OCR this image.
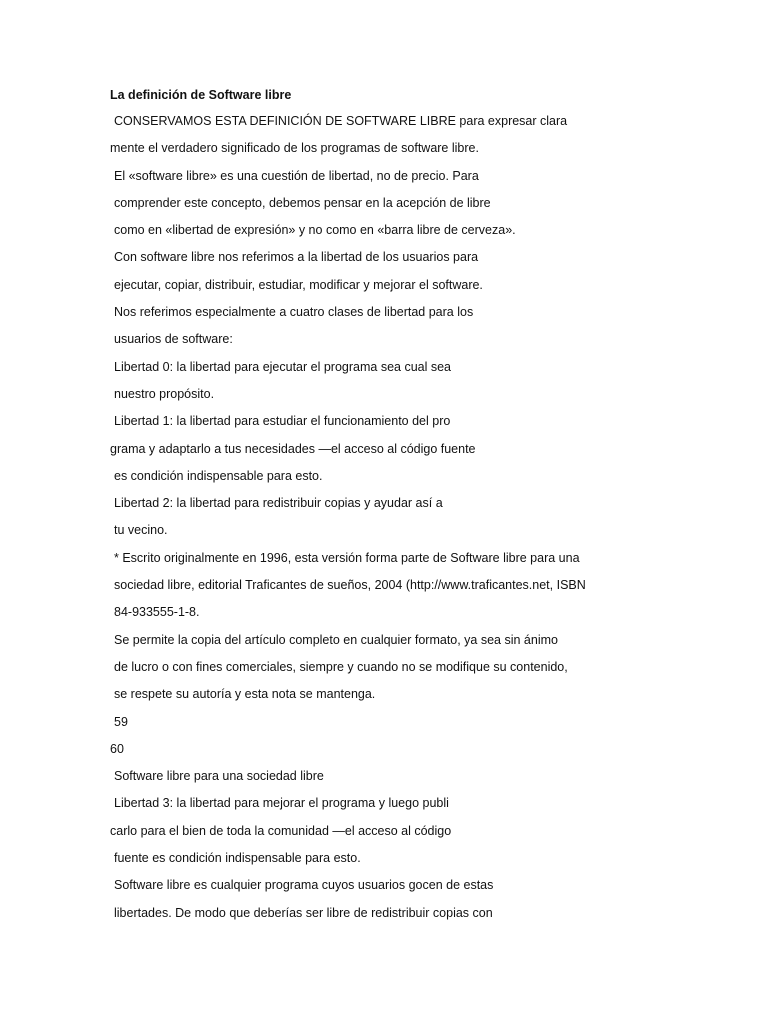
La definición de Software libre
CONSERVAMOS ESTA DEFINICIÓN DE SOFTWARE LIBRE para expresar clara
mente el verdadero significado de los programas de software libre.
El «software libre» es una cuestión de libertad, no de precio. Para
comprender este concepto, debemos pensar en la acepción de libre
como en «libertad de expresión» y no como en «barra libre de cerveza».
Con software libre nos referimos a la libertad de los usuarios para
ejecutar, copiar, distribuir, estudiar, modificar y mejorar el software.
Nos referimos especialmente a cuatro clases de libertad para los
usuarios de software:
Libertad 0: la libertad para ejecutar el programa sea cual sea
nuestro propósito.
Libertad 1: la libertad para estudiar el funcionamiento del pro
grama y adaptarlo a tus necesidades —el acceso al código fuente
es condición indispensable para esto.
Libertad 2: la libertad para redistribuir copias y ayudar así a
tu vecino.
* Escrito originalmente en 1996, esta versión forma parte de Software libre para una
sociedad libre, editorial Traficantes de sueños, 2004 (http://www.traficantes.net, ISBN
84-933555-1-8.
Se permite la copia del artículo completo en cualquier formato, ya sea sin ánimo
de lucro o con fines comerciales, siempre y cuando no se modifique su contenido,
se respete su autoría y esta nota se mantenga.
59
60
Software libre para una sociedad libre
Libertad 3: la libertad para mejorar el programa y luego publi
carlo para el bien de toda la comunidad —el acceso al código
fuente es condición indispensable para esto.
Software libre es cualquier programa cuyos usuarios gocen de estas
libertades. De modo que deberías ser libre de redistribuir copias con
